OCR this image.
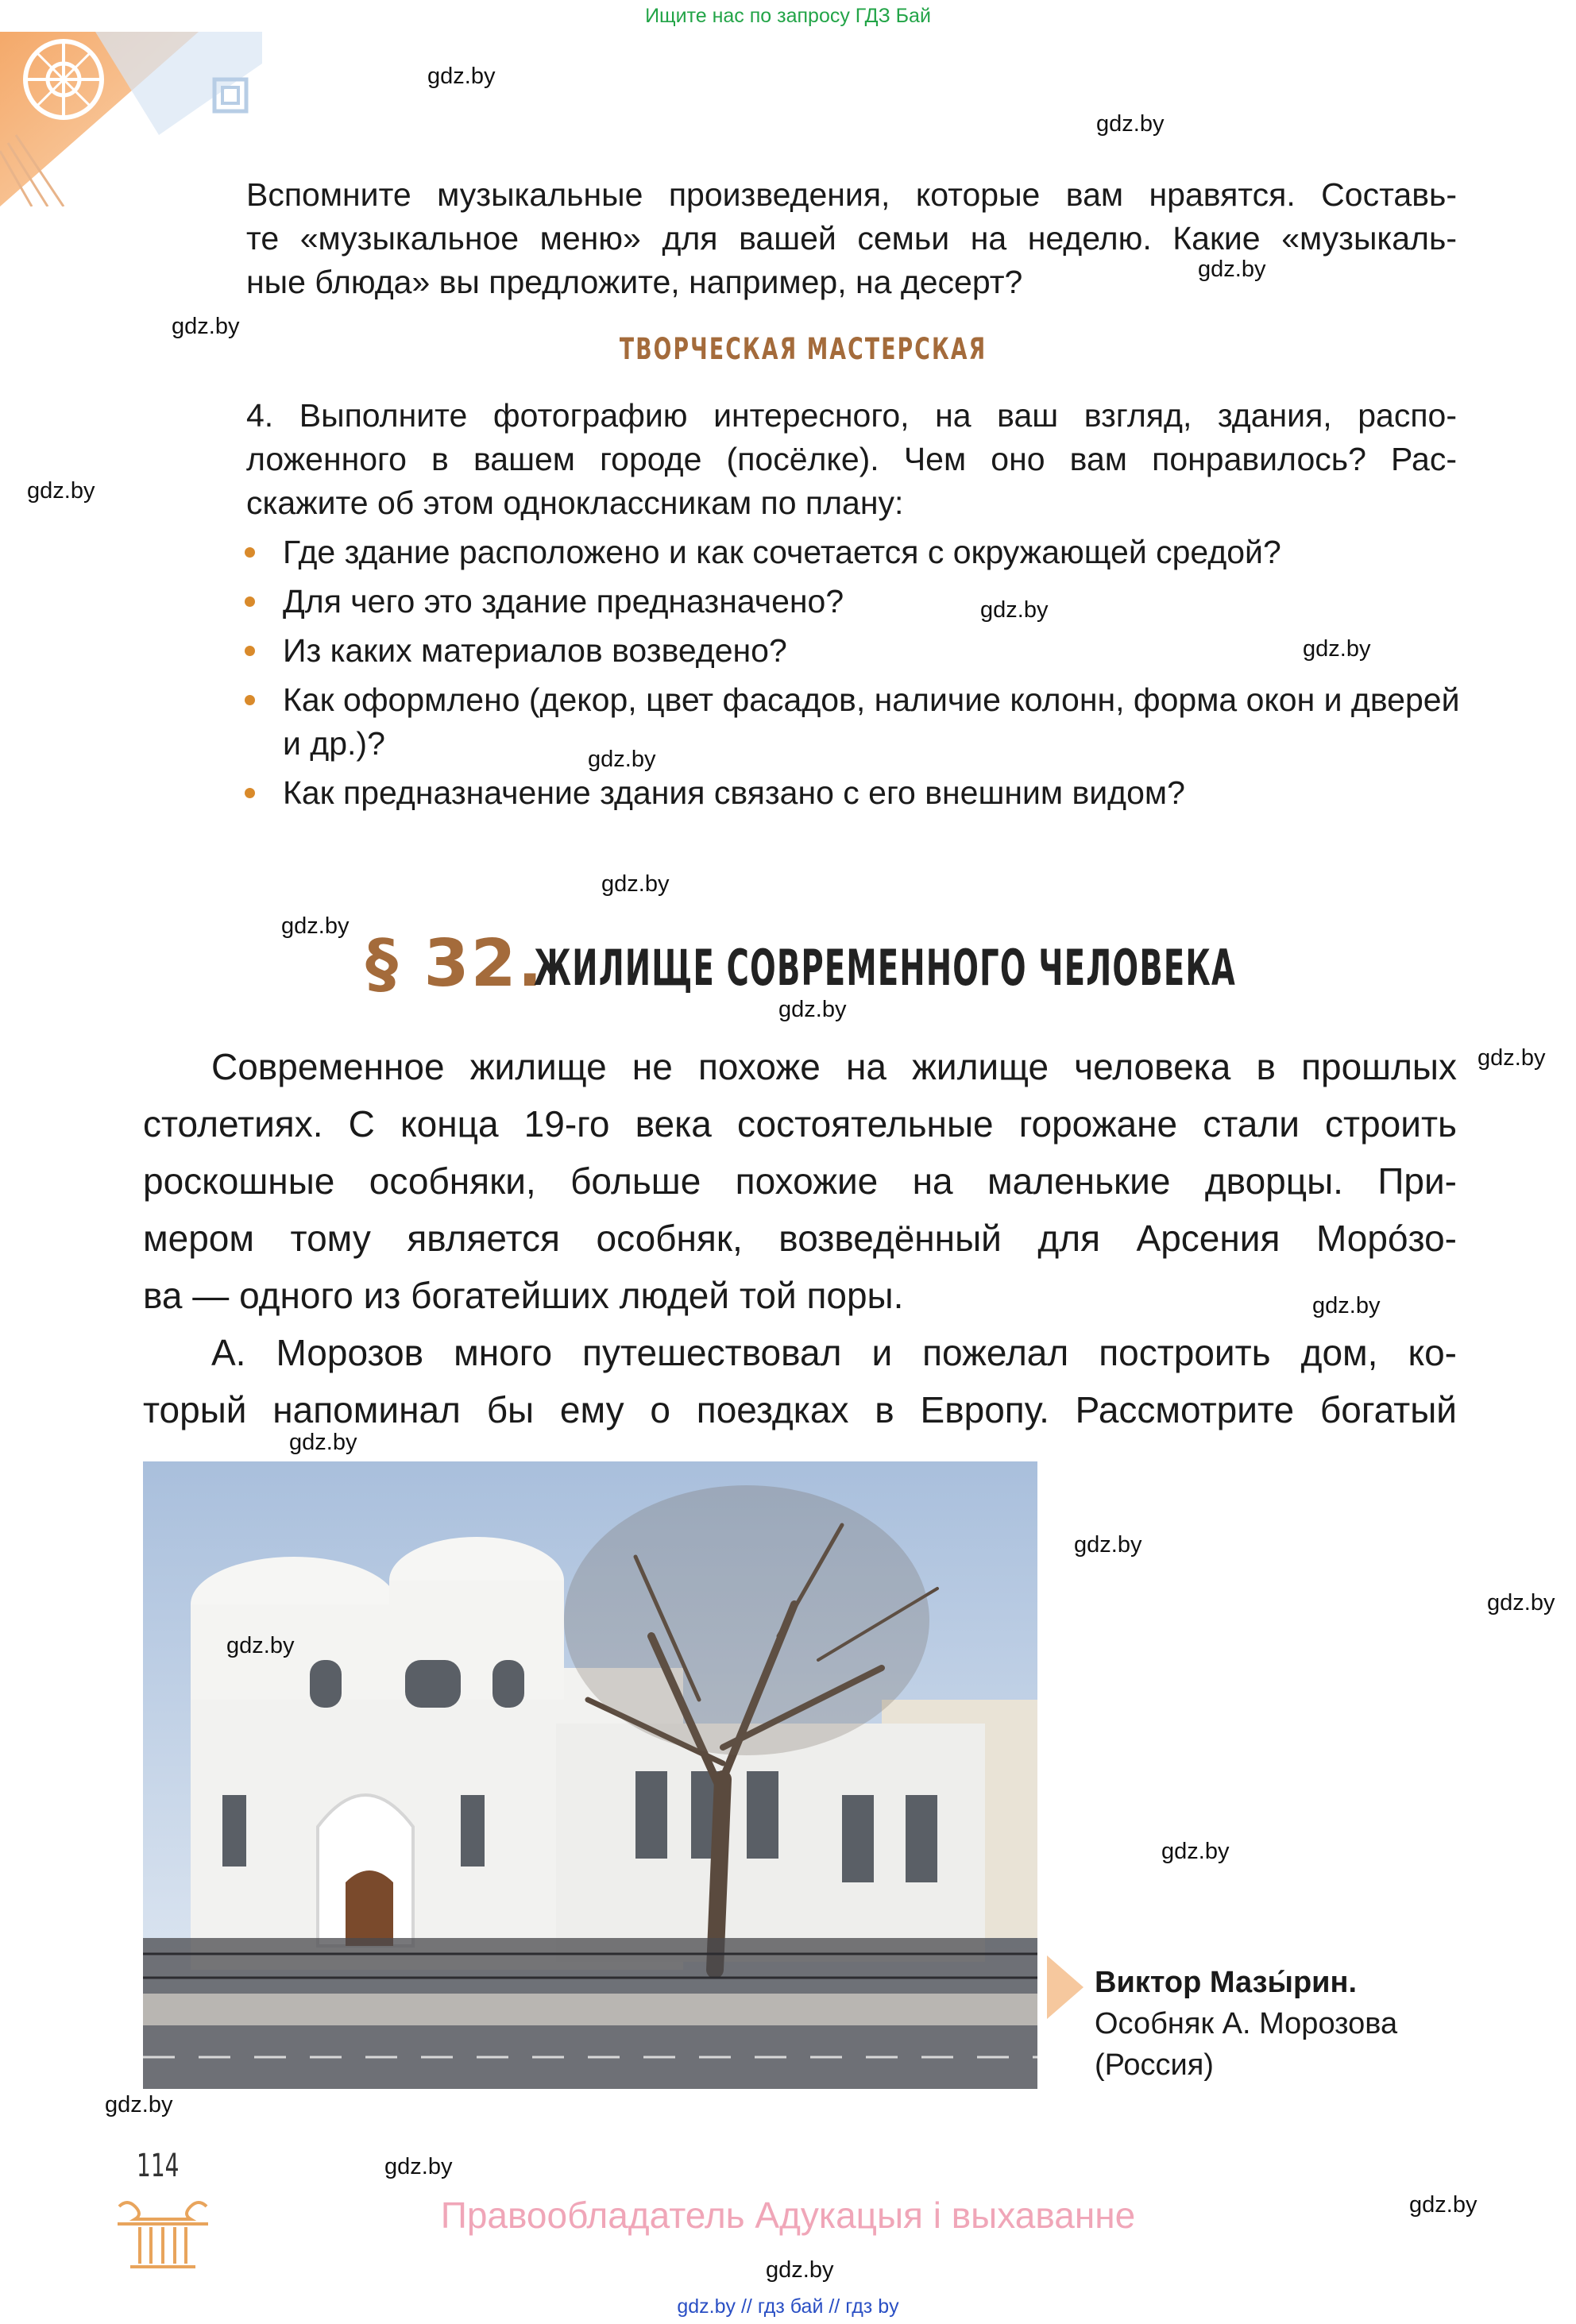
Ищите нас по запросу ГДЗ Бай
gdz.by
gdz.by
gdz.by
gdz.by
gdz.by
gdz.by
gdz.by
gdz.by
gdz.by
gdz.by
gdz.by
gdz.by
gdz.by
gdz.by
gdz.by
gdz.by
gdz.by
gdz.by
gdz.by
gdz.by
gdz.by
Вспомните музыкальные произведения, которые вам нравятся. Составь-
те «музыкальное меню» для вашей семьи на неделю. Какие «музыкаль-
ные блюда» вы предложите, например, на десерт?
ТВОРЧЕСКАЯ МАСТЕРСКАЯ
4. Выполните фотографию интересного, на ваш взгляд, здания, распо-
ложенного в вашем городе (посёлке). Чем оно вам понравилось? Рас-
скажите об этом одноклассникам по плану:
Где здание расположено и как сочетается с окружающей средой?
Для чего это здание предназначено?
Из каких материалов возведено?
Как оформлено (декор, цвет фасадов, наличие колонн, форма окон и дверей и др.)?
Как предназначение здания связано с его внешним видом?
§ 32.
ЖИЛИЩЕ СОВРЕМЕННОГО ЧЕЛОВЕКА
Современное жилище не похоже на жилище человека в прошлых
столетиях. С конца 19-го века состоятельные горожане стали строить
роскошные особняки, больше похожие на маленькие дворцы. При-
мером тому является особняк, возведённый для Арсения Моро́зо-
ва — одного из богатейших людей той поры.
А. Морозов много путешествовал и пожелал построить дом, ко-
торый напоминал бы ему о поездках в Европу. Рассмотрите богатый
gdz.by
Виктор Мазы́рин.
Особняк А. Морозова
(Россия)
114
Правообладатель Адукацыя і выхаванне
gdz.by // гдз бай // гдз by
